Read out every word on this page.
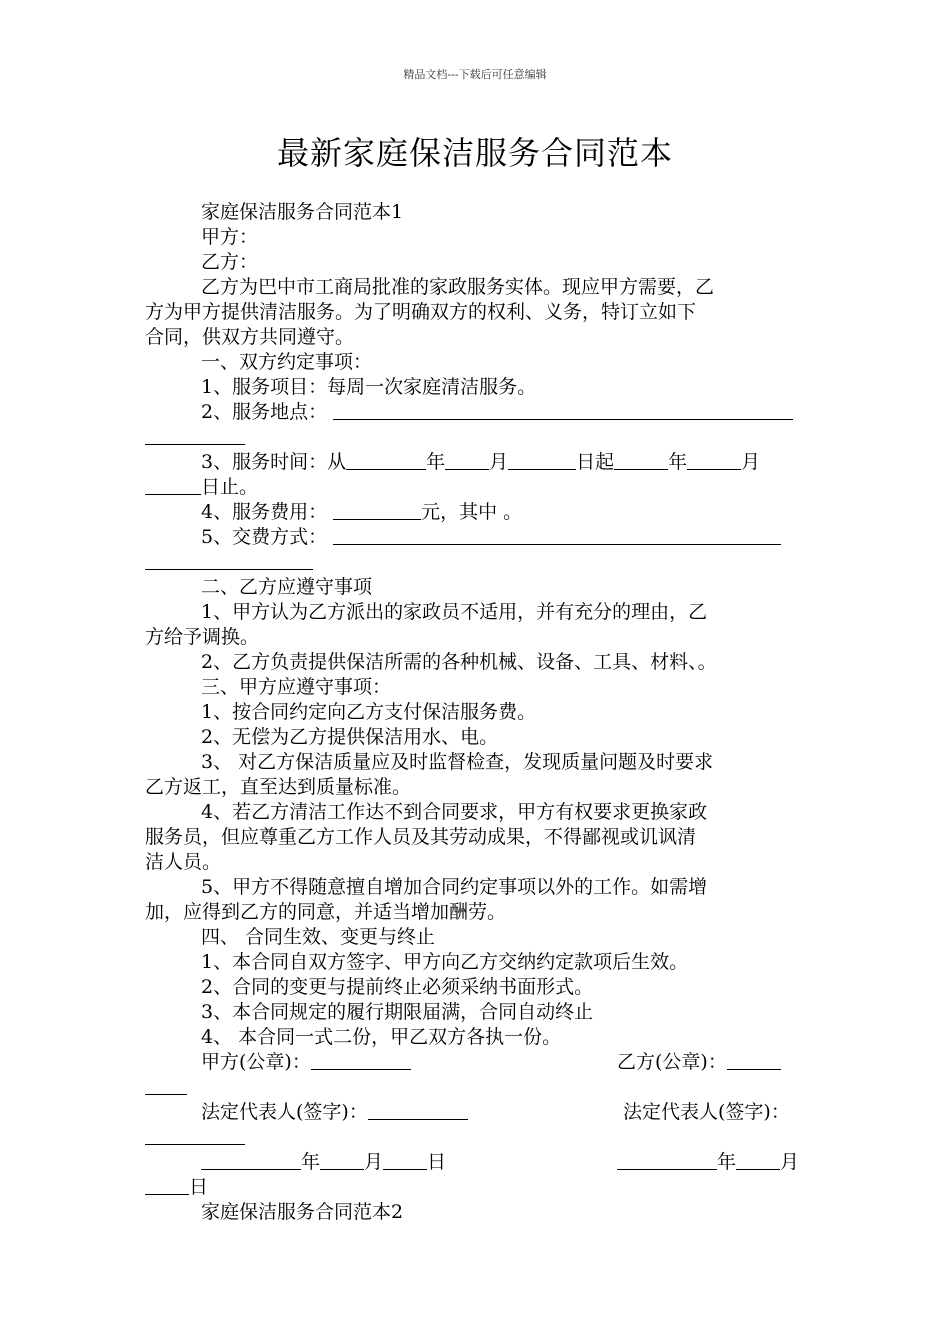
精品文档---下载后可任意编辑
最新家庭保洁服务合同范本
家庭保洁服务合同范本1
甲方：
乙方：
乙方为巴中市工商局批准的家政服务实体。现应甲方需要，乙
方为甲方提供清洁服务。为了明确双方的权利、义务，特订立如下
合同，供双方共同遵守。
一、双方约定事项：
1、服务项目：每周一次家庭清洁服务。
2、服务地点：
3、服务时间：从	年 月	日起	年	月
日止。
4、服务费用：	元，其中 。
5、交费方式：
二、乙方应遵守事项
1、甲方认为乙方派出的家政员不适用，并有充分的理由，乙
方给予调换。
2、乙方负责提供保洁所需的各种机械、设备、工具、材料、。
三、甲方应遵守事项：
1、按合同约定向乙方支付保洁服务费。
2、无偿为乙方提供保洁用水、电。
3、 对乙方保洁质量应及时监督检查，发现质量问题及时要求
乙方返工，直至达到质量标准。
4、若乙方清洁工作达不到合同要求，甲方有权要求更换家政
服务员，但应尊重乙方工作人员及其劳动成果，不得鄙视或讥讽清
洁人员。
5、甲方不得随意擅自增加合同约定事项以外的工作。如需增
加，应得到乙方的同意，并适当增加酬劳。
四、 合同生效、变更与终止
1、本合同自双方签字、甲方向乙方交纳约定款项后生效。
2、合同的变更与提前终止必须采纳书面形式。
3、本合同规定的履行期限届满，合同自动终止
4、 本合同一式二份，甲乙双方各执一份。
甲方(公章)：	乙方(公章)：
法定代表人(签字)：	法定代表人(签字)：
年 月 日	年 月
日
家庭保洁服务合同范本2
